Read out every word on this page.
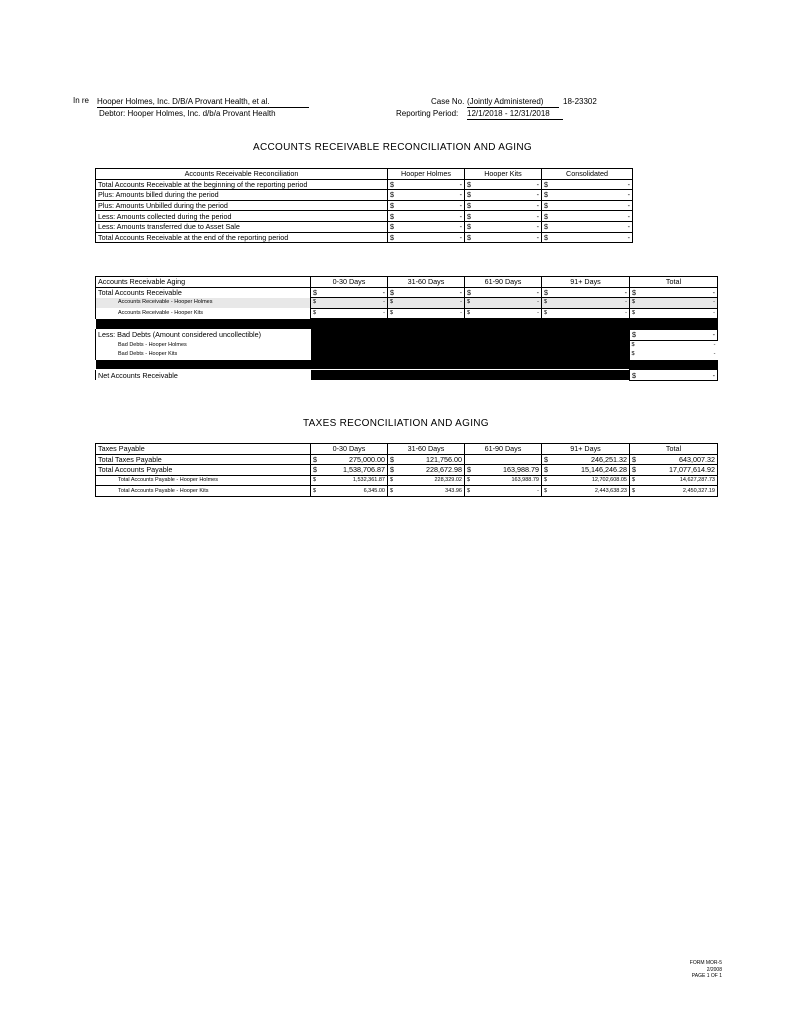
In re Hooper Holmes, Inc. D/B/A Provant Health, et al.
Debtor: Hooper Holmes, Inc. d/b/a Provant Health
Case No. (Jointly Administered)	18-23302
Reporting Period: 12/1/2018 - 12/31/2018
ACCOUNTS RECEIVABLE RECONCILIATION AND AGING
Accounts Receivable Reconciliation	Hooper Holmes	Hooper Kits	Consolidated
Total Accounts Receivable at the beginning of the reporting period	$ -	$ -	$ -

Plus: Amounts billed during the period	$ -	$ -	$ -

Plus: Amounts Unbilled during the period	$ -	$ -	$ -

Less: Amounts collected during the period	$ -	$ -	$ -

Less: Amounts transferred due to Asset Sale	$ -	$ -	$ -

Total Accounts Receivable at the end of the reporting period	$ -	$ -	$ -
Accounts Receivable Aging	0-30 Days	31-60 Days	61-90 Days	91+ Days	Total
Total Accounts Receivable	$ -	$ -	$ -	$ -	$ -

Accounts Receivable - Hooper Holmes	$ -	$ -	$ -	$ -	$ -

Accounts Receivable - Hooper Kits	$ -	$ -	$ -	$ -	$ -

Less: Bad Debts (Amount considered uncollectible)					$ -

Bad Debts - Hooper Holmes					$ -

Bad Debts - Hooper Kits					$ -

Net Accounts Receivable					$ -
TAXES RECONCILIATION AND AGING
Taxes Payable	0-30 Days	31-60 Days	61-90 Days	91+ Days	Total
Total Taxes Payable	$ 275,000.00	$ 121,756.00		$ 246,251.32	$ 643,007.32

Total Accounts Payable	$ 1,538,706.87	$ 228,672.98	$ 163,988.79	$ 15,146,246.28	$ 17,077,614.92

Total Accounts Payable - Hooper Holmes	$ 1,532,361.87	$ 228,329.02	$ 163,988.79	$ 12,702,608.05	$ 14,627,287.73

Total Accounts Payable - Hooper Kits	$ 6,345.00	$ 343.96	$ -	$ 2,443,638.23	$ 2,450,327.19
FORM MOR-5
2/2008
PAGE 1 OF 1
